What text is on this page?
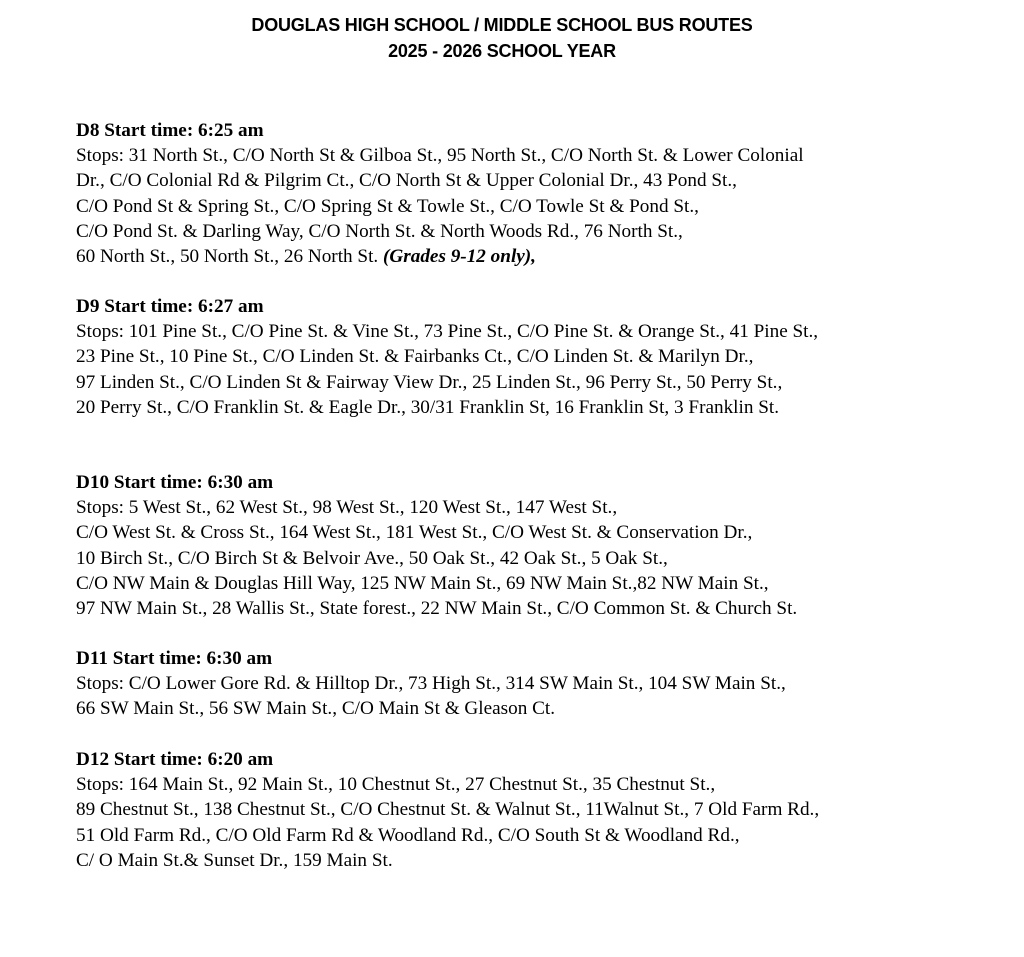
DOUGLAS HIGH SCHOOL / MIDDLE SCHOOL BUS ROUTES
2025 - 2026 SCHOOL YEAR
D8 Start time: 6:25 am
Stops: 31 North St., C/O North St & Gilboa St., 95 North St., C/O North St. & Lower Colonial
Dr., C/O Colonial Rd & Pilgrim Ct., C/O North St & Upper Colonial Dr., 43 Pond St.,
C/O Pond St & Spring St., C/O Spring St & Towle St., C/O Towle St & Pond St.,
C/O Pond St. & Darling Way, C/O North St. & North Woods Rd., 76 North St.,
60 North St., 50 North St., 26 North St. (Grades 9-12 only),
D9 Start time: 6:27 am
Stops: 101 Pine St., C/O Pine St. & Vine St., 73 Pine St., C/O Pine St. & Orange St., 41 Pine St.,
23 Pine St., 10 Pine St., C/O Linden St. & Fairbanks Ct., C/O Linden St. & Marilyn Dr.,
97 Linden St., C/O Linden St & Fairway View Dr., 25 Linden St., 96 Perry St., 50 Perry St.,
20 Perry St., C/O Franklin St. & Eagle Dr., 30/31 Franklin St, 16 Franklin St, 3 Franklin St.
D10 Start time: 6:30 am
Stops: 5 West St., 62 West St., 98 West St., 120 West St., 147 West St.,
C/O West St. & Cross St., 164 West St., 181 West St., C/O West St. & Conservation Dr.,
10 Birch St., C/O Birch St & Belvoir Ave., 50 Oak St., 42 Oak St., 5 Oak St.,
C/O NW Main & Douglas Hill Way, 125 NW Main St., 69 NW Main St.,82 NW Main St.,
97 NW Main St., 28 Wallis St., State forest., 22 NW Main St., C/O Common St. & Church St.
D11 Start time: 6:30 am
Stops: C/O Lower Gore Rd. & Hilltop Dr., 73 High St., 314 SW Main St., 104 SW Main St.,
66 SW Main St., 56 SW Main St., C/O Main St & Gleason Ct.
D12 Start time: 6:20 am
Stops: 164 Main St., 92 Main St., 10 Chestnut St., 27 Chestnut St., 35 Chestnut St.,
89 Chestnut St., 138 Chestnut St., C/O Chestnut St. & Walnut St., 11Walnut St., 7 Old Farm Rd.,
51 Old Farm Rd., C/O Old Farm Rd & Woodland Rd., C/O South St & Woodland Rd.,
C/ O Main St.& Sunset Dr., 159 Main St.
